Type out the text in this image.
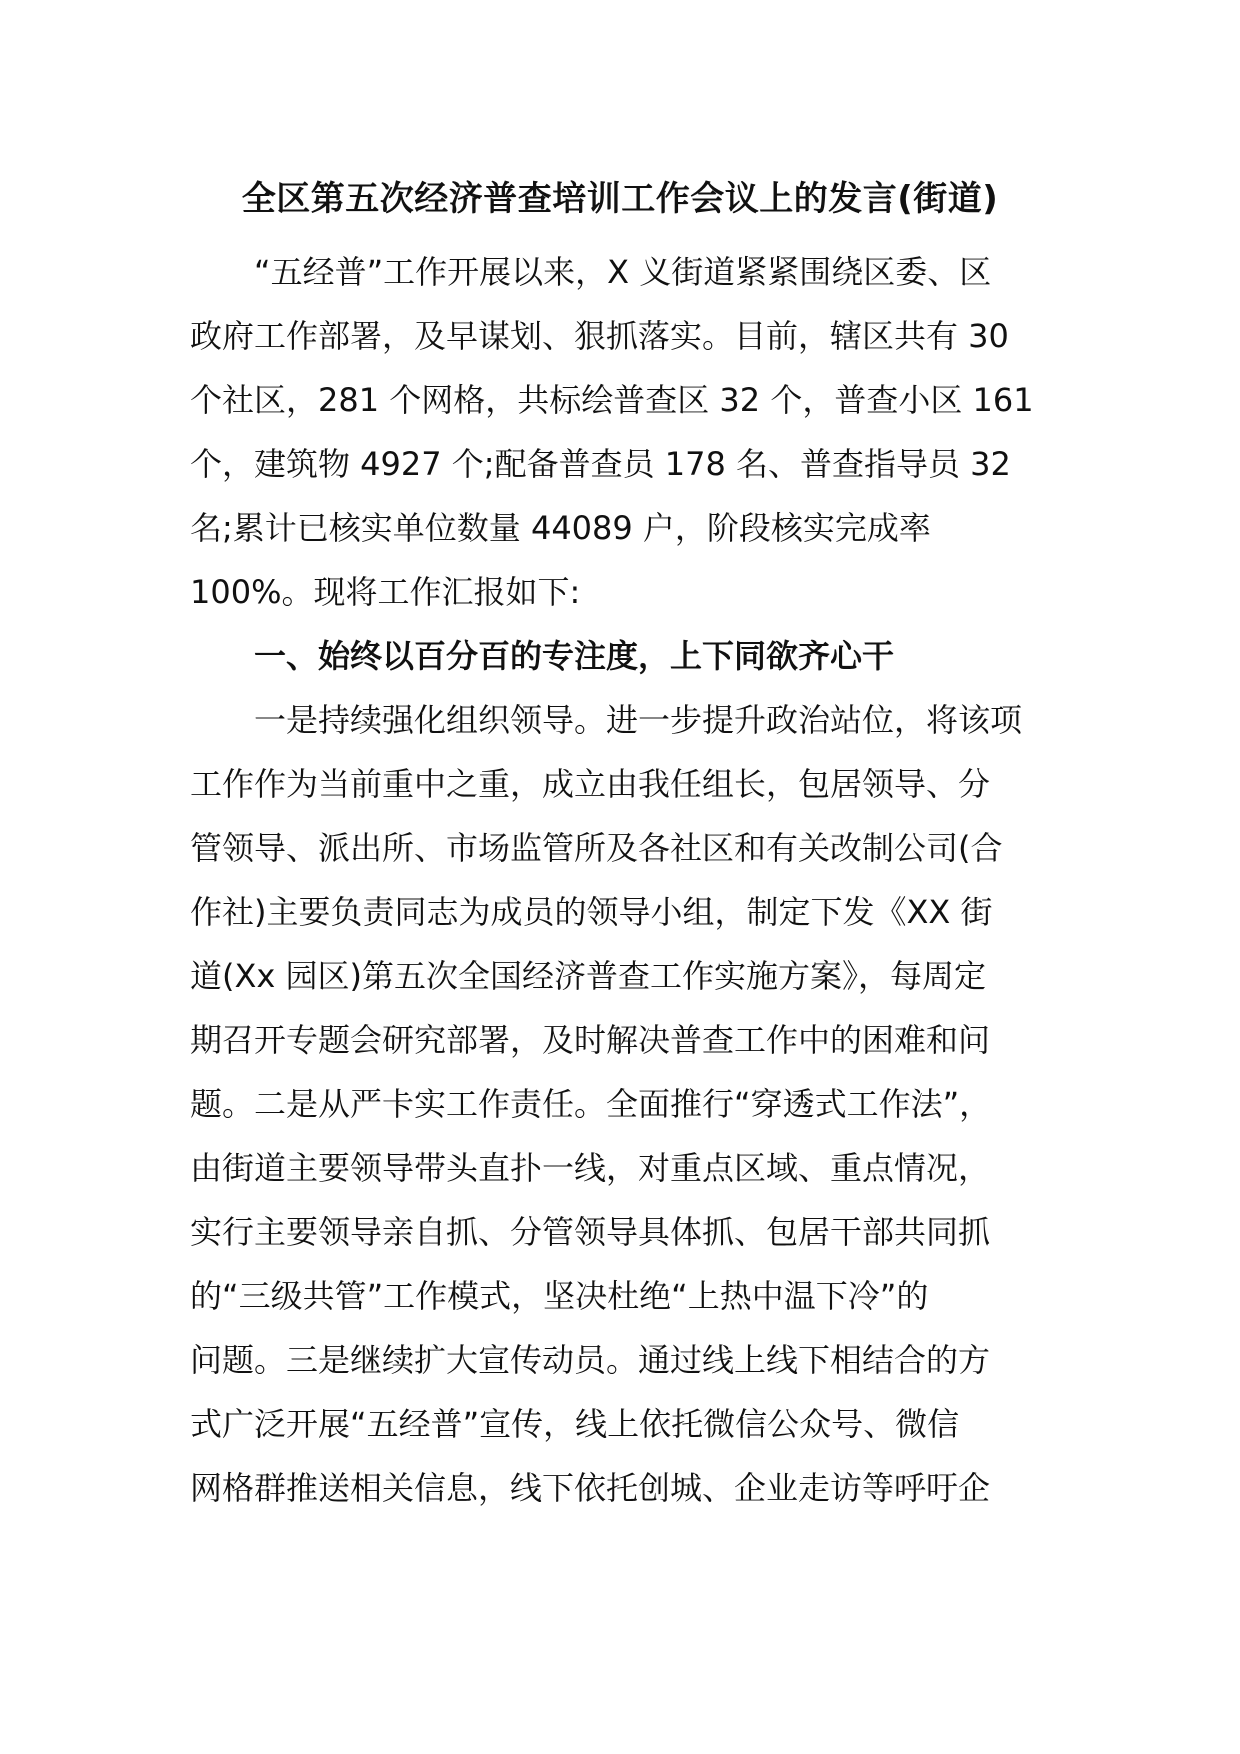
全区第五次经济普查培训工作会议上的发言(街道)
　　“五经普”工作开展以来，X 义街道紧紧围绕区委、区
政府工作部署，及早谋划、狠抓落实。目前，辖区共有 30
个社区，281 个网格，共标绘普查区 32 个，普查小区 161
个，建筑物 4927 个;配备普查员 178 名、普查指导员 32
名;累计已核实单位数量 44089 户，阶段核实完成率
100%。现将工作汇报如下:
　　一、始终以百分百的专注度，上下同欲齐心干
　　一是持续强化组织领导。进一步提升政治站位，将该项
工作作为当前重中之重，成立由我任组长，包居领导、分
管领导、派出所、市场监管所及各社区和有关改制公司(合
作社)主要负责同志为成员的领导小组，制定下发《XX 街
道(Xx 园区)第五次全国经济普查工作实施方案》，每周定
期召开专题会研究部署，及时解决普查工作中的困难和问
题。二是从严卡实工作责任。全面推行“穿透式工作法”，
由街道主要领导带头直扑一线，对重点区域、重点情况，
实行主要领导亲自抓、分管领导具体抓、包居干部共同抓
的“三级共管”工作模式，坚决杜绝“上热中温下冷”的
问题。三是继续扩大宣传动员。通过线上线下相结合的方
式广泛开展“五经普”宣传，线上依托微信公众号、微信
网格群推送相关信息，线下依托创城、企业走访等呼吁企
